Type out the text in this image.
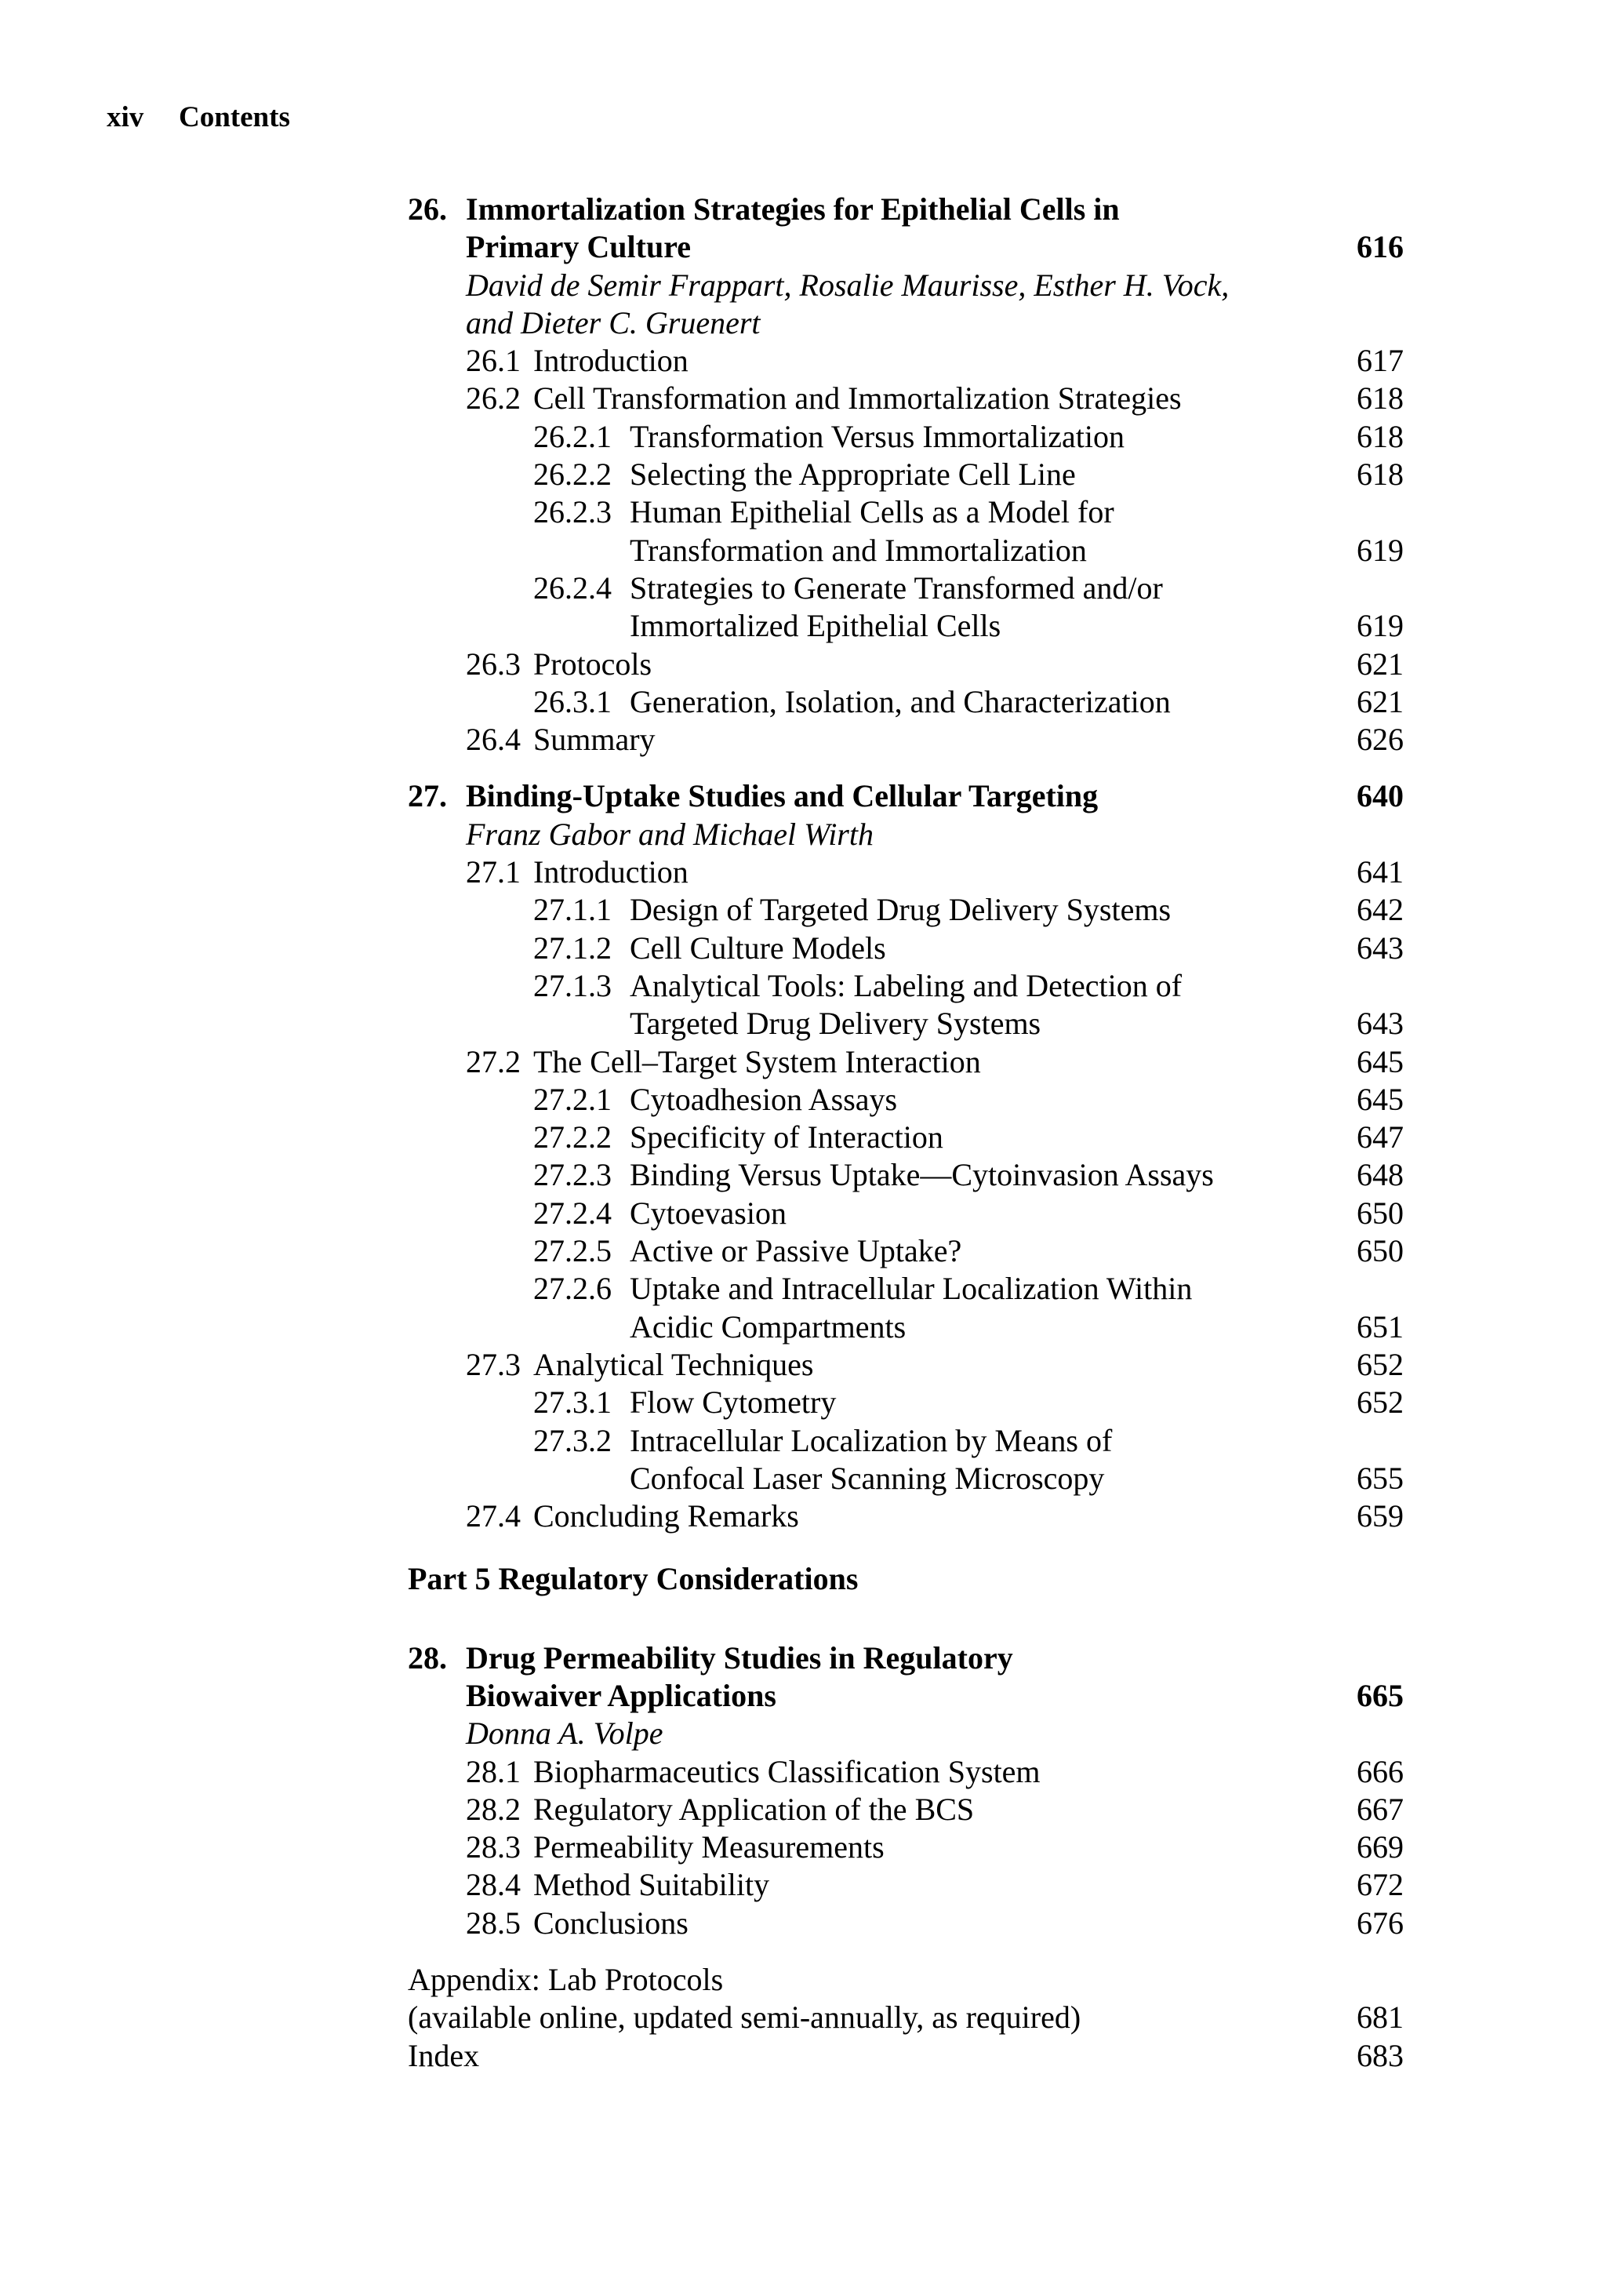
xiv Contents
26. Immortalization Strategies for Epithelial Cells in
Primary Culture	616
David de Semir Frappart, Rosalie Maurisse, Esther H. Vock,
and Dieter C. Gruenert
26.1 Introduction	617
26.2 Cell Transformation and Immortalization Strategies	618
26.2.1 Transformation Versus Immortalization	618
26.2.2 Selecting the Appropriate Cell Line	618
26.2.3 Human Epithelial Cells as a Model for
Transformation and Immortalization	619
26.2.4 Strategies to Generate Transformed and/or
Immortalized Epithelial Cells	619
26.3 Protocols	621
26.3.1 Generation, Isolation, and Characterization	621
26.4 Summary	626
27. Binding-Uptake Studies and Cellular Targeting	640
Franz Gabor and Michael Wirth
27.1 Introduction	641
27.1.1 Design of Targeted Drug Delivery Systems	642
27.1.2 Cell Culture Models	643
27.1.3 Analytical Tools: Labeling and Detection of
Targeted Drug Delivery Systems	643
27.2 The Cell–Target System Interaction	645
27.2.1 Cytoadhesion Assays	645
27.2.2 Specificity of Interaction	647
27.2.3 Binding Versus Uptake—Cytoinvasion Assays	648
27.2.4 Cytoevasion	650
27.2.5 Active or Passive Uptake?	650
27.2.6 Uptake and Intracellular Localization Within
Acidic Compartments	651
27.3 Analytical Techniques	652
27.3.1 Flow Cytometry	652
27.3.2 Intracellular Localization by Means of
Confocal Laser Scanning Microscopy	655
27.4 Concluding Remarks	659
Part 5 Regulatory Considerations
28. Drug Permeability Studies in Regulatory
Biowaiver Applications	665
Donna A. Volpe
28.1 Biopharmaceutics Classification System	666
28.2 Regulatory Application of the BCS	667
28.3 Permeability Measurements	669
28.4 Method Suitability	672
28.5 Conclusions	676
Appendix: Lab Protocols
(available online, updated semi-annually, as required)	681
Index	683
